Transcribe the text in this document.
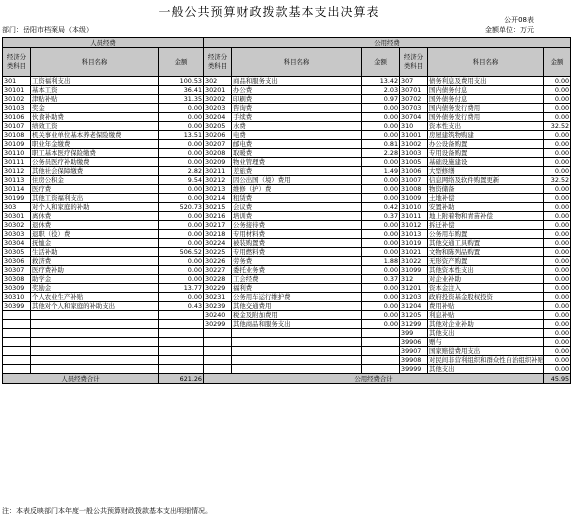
一般公共预算财政拨款基本支出决算表
公开08表
部门：岳阳市档案局（本级）	金额单位：万元
人员经费			公用经费					
经济分类科目	科目名称	金额	经济分类科目	科目名称	金额	经济分类科目	科目名称	金额
301	工资福利支出	100.53	302	商品和服务支出	13.42	307	债务利息及费用支出	0.00
30101	基本工资	36.41	30201	办公费	2.03	30701	国内债务付息	0.00
30102	津贴补贴	31.35	30202	印刷费	0.97	30702	国外债务付息	0.00
30103	奖金	0.00	30203	咨询费	0.00	30703	国内债务发行费用	0.00
30106	伙食补助费	0.00	30204	手续费	0.00	30704	国外债务发行费用	0.00
30107	绩效工资	0.00	30205	水费	0.00	310	资本性支出	32.52
30108	机关事业单位基本养老保险缴费	13.51	30206	电费	0.00	31001	房屋建筑物购建	0.00
30109	职业年金缴费	0.00	30207	邮电费	0.81	31002	办公设备购置	0.00
30110	职工基本医疗保险缴费	0.00	30208	取暖费	2.28	31003	专用设备购置	0.00
30111	公务员医疗补助缴费	0.00	30209	物业管理费	0.00	31005	基础设施建设	0.00
30112	其他社会保障缴费	2.82	30211	差旅费	1.49	31006	大型修缮	0.00
30113	住房公积金	9.54	30212	因公出国（境）费用	0.00	31007	信息网络及软件购置更新	32.52
30114	医疗费	0.00	30213	维修（护）费	0.00	31008	物资储备	0.00
30199	其他工资福利支出	0.00	30214	租赁费	0.00	31009	土地补偿	0.00
303	对个人和家庭的补助	520.73	30215	会议费	0.42	31010	安置补助	0.00
30301	离休费	0.00	30216	培训费	0.37	31011	地上附着物和青苗补偿	0.00
30302	退休费	0.00	30217	公务接待费	0.00	31012	拆迁补偿	0.00
30303	退职（役）费	0.00	30218	专用材料费	0.00	31013	公务用车购置	0.00
30304	抚恤金	0.00	30224	被装购置费	0.00	31019	其他交通工具购置	0.00
30305	生活补助	506.52	30225	专用燃料费	0.00	31021	文物和陈列品购置	0.00
30306	救济费	0.00	30226	劳务费	1.88	31022	无形资产购置	0.00
30307	医疗费补助	0.00	30227	委托业务费	0.00	31099	其他资本性支出	0.00
30308	助学金	0.00	30228	工会经费	0.37	312	对企业补助	0.00
30309	奖励金	13.77	30229	福利费	0.00	31201	资本金注入	0.00
30310	个人农业生产补贴	0.00	30231	公务用车运行维护费	0.00	31203	政府投资基金股权投资	0.00
30399	其他对个人和家庭的补助支出	0.43	30239	其他交通费用	0.00	31204	费用补贴	0.00
			30240	税金及附加费用	0.00	31205	利息补贴	0.00
			30299	其他商品和服务支出	0.00	31299	其他对企业补助	0.00
						399	其他支出	0.00
						39906	赠与	0.00
						39907	国家赔偿费用支出	0.00
						39908	对民间非营利组织和群众性自治组织补贴	0.00
						39999	其他支出	0.00
人员经费合计		621.26	公用经费合计					45.95
注：本表反映部门本年度一般公共预算财政拨款基本支出明细情况。
